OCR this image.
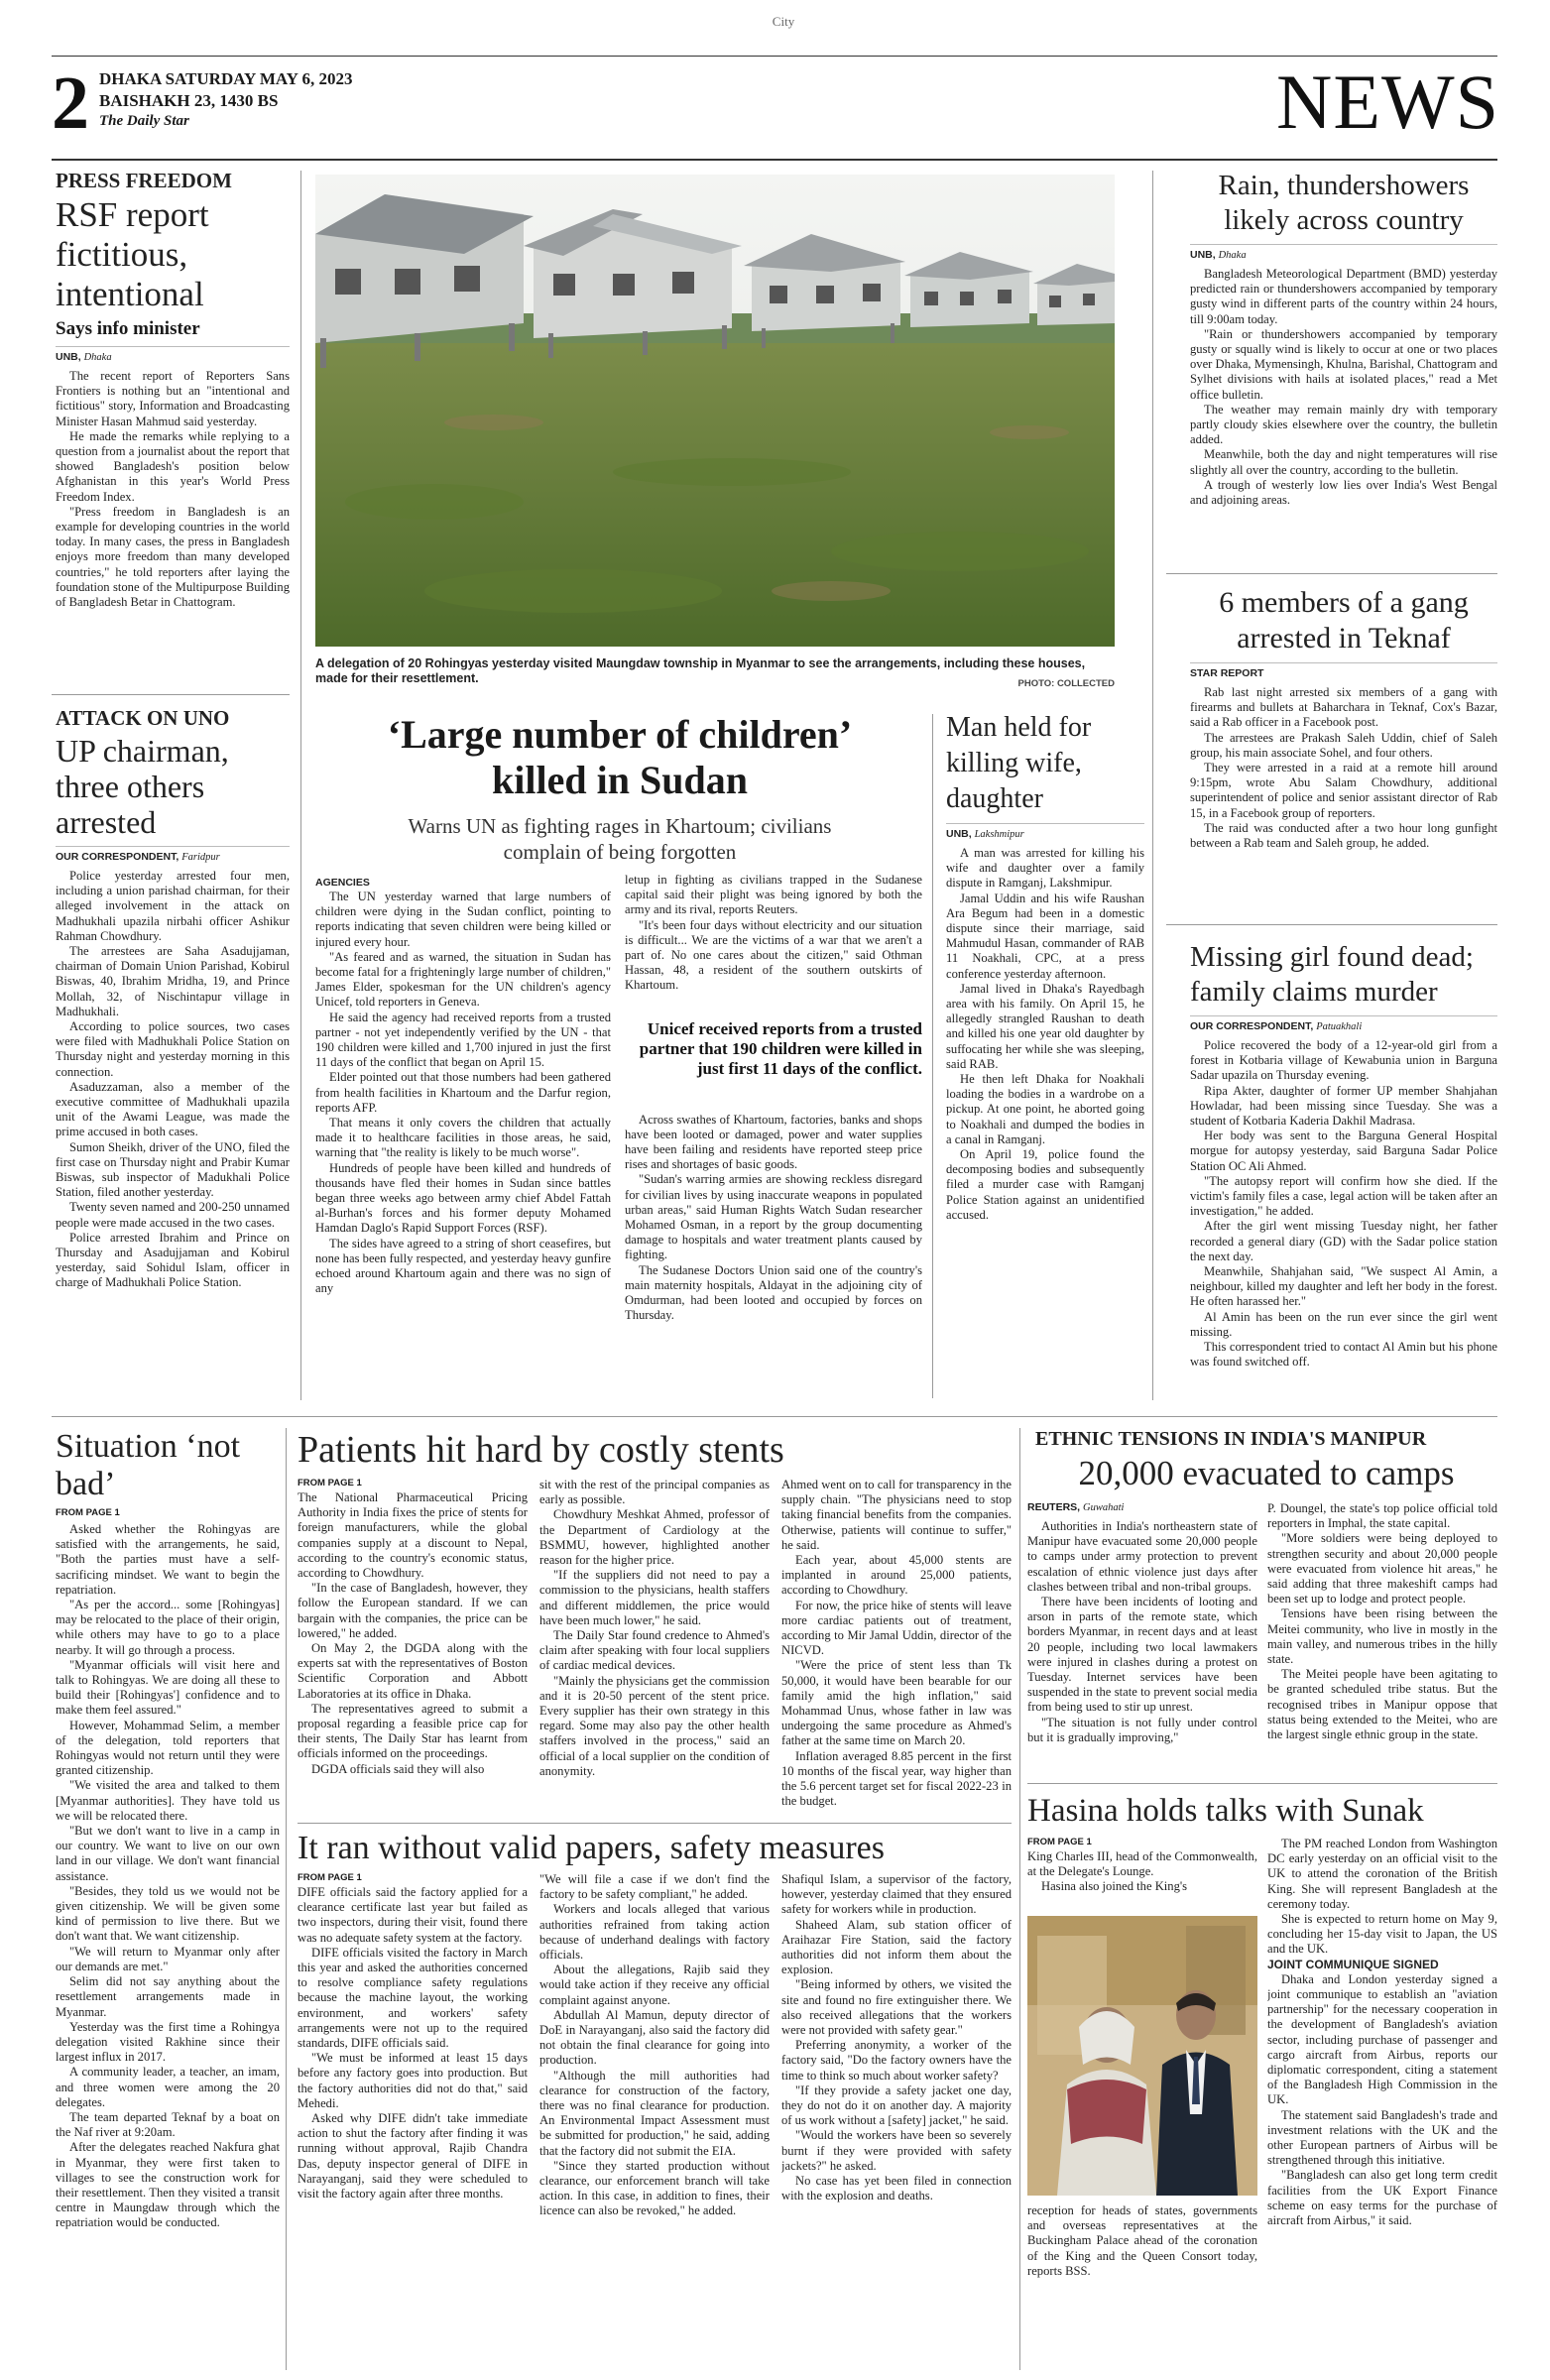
City
2 DHAKA SATURDAY MAY 6, 2023
BAISHAKH 23, 1430 BS
The Daily Star	NEWS
PRESS FREEDOM
RSF report fictitious, intentional
Says info minister
UNB, Dhaka

The recent report of Reporters Sans Frontiers is nothing but an "intentional and fictitious" story, Information and Broadcasting Minister Hasan Mahmud said yesterday.

He made the remarks while replying to a question from a journalist about the report that showed Bangladesh's position below Afghanistan in this year's World Press Freedom Index.

"Press freedom in Bangladesh is an example for developing countries in the world today. In many cases, the press in Bangladesh enjoys more freedom than many developed countries," he told reporters after laying the foundation stone of the Multipurpose Building of Bangladesh Betar in Chattogram.

ATTACK ON UNO
UP chairman, three others arrested
OUR CORRESPONDENT, Faridpur

Police yesterday arrested four men, including a union parishad chairman, for their alleged involvement in the attack on Madhukhali upazila nirbahi officer Ashikur Rahman Chowdhury.

The arrestees are Saha Asadujjaman, chairman of Domain Union Parishad, Kobirul Biswas, 40, Ibrahim Mridha, 19, and Prince Mollah, 32, of Nischintapur village in Madhukhali.

According to police sources, two cases were filed with Madhukhali Police Station on Thursday night and yesterday morning in this connection.

Asaduzzaman, also a member of the executive committee of Madhukhali upazila unit of the Awami League, was made the prime accused in both cases.

Sumon Sheikh, driver of the UNO, filed the first case on Thursday night and Prabir Kumar Biswas, sub inspector of Madukhali Police Station, filed another yesterday.

Twenty seven named and 200-250 unnamed people were made accused in the two cases.

Police arrested Ibrahim and Prince on Thursday and Asadujjaman and Kobirul yesterday, said Sohidul Islam, officer in charge of Madhukhali Police Station.

A delegation of 20 Rohingyas yesterday visited Maungdaw township in Myanmar to see the arrangements, including these houses, made for their resettlement.	PHOTO: COLLECTED
‘Large number of children’
killed in Sudan
Warns UN as fighting rages in Khartoum; civilians complain of being forgotten
AGENCIES

The UN yesterday warned that large numbers of children were dying in the Sudan conflict, pointing to reports indicating that seven children were being killed or injured every hour.

"As feared and as warned, the situation in Sudan has become fatal for a frighteningly large number of children," James Elder, spokesman for the UN children's agency Unicef, told reporters in Geneva.

He said the agency had received reports from a trusted partner - not yet independently verified by the UN - that 190 children were killed and 1,700 injured in just the first 11 days of the conflict that began on April 15.

Elder pointed out that those numbers had been gathered from health facilities in Khartoum and the Darfur region, reports AFP.

That means it only covers the children that actually made it to healthcare facilities in those areas, he said, warning that "the reality is likely to be much worse".

Hundreds of people have been killed and hundreds of thousands have fled their homes in Sudan since battles began three weeks ago between army chief Abdel Fattah al-Burhan's forces and his former deputy Mohamed Hamdan Daglo's Rapid Support Forces (RSF).

The sides have agreed to a string of short ceasefires, but none has been fully respected, and yesterday heavy gunfire echoed around Khartoum again and there was no sign of any

letup in fighting as civilians trapped in the Sudanese capital said their plight was being ignored by both the army and its rival, reports Reuters.

"It's been four days without electricity and our situation is difficult... We are the victims of a war that we aren't a part of. No one cares about the citizen," said Othman Hassan, 48, a resident of the southern outskirts of Khartoum.

Unicef received reports from a trusted partner that 190 children were killed in just first 11 days of the conflict.

Across swathes of Khartoum, factories, banks and shops have been looted or damaged, power and water supplies have been failing and residents have reported steep price rises and shortages of basic goods.

"Sudan's warring armies are showing reckless disregard for civilian lives by using inaccurate weapons in populated urban areas," said Human Rights Watch Sudan researcher Mohamed Osman, in a report by the group documenting damage to hospitals and water treatment plants caused by fighting.

The Sudanese Doctors Union said one of the country's main maternity hospitals, Aldayat in the adjoining city of Omdurman, had been looted and occupied by forces on Thursday.

Man held for killing wife, daughter
UNB, Lakshmipur

A man was arrested for killing his wife and daughter over a family dispute in Ramganj, Lakshmipur.

Jamal Uddin and his wife Raushan Ara Begum had been in a domestic dispute since their marriage, said Mahmudul Hasan, commander of RAB 11 Noakhali, CPC, at a press conference yesterday afternoon.

Jamal lived in Dhaka's Rayedbagh area with his family. On April 15, he allegedly strangled Raushan to death and killed his one year old daughter by suffocating her while she was sleeping, said RAB.

He then left Dhaka for Noakhali loading the bodies in a wardrobe on a pickup. At one point, he aborted going to Noakhali and dumped the bodies in a canal in Ramganj.

On April 19, police found the decomposing bodies and subsequently filed a murder case with Ramganj Police Station against an unidentified accused.

Rain, thundershowers likely across country
UNB, Dhaka

Bangladesh Meteorological Department (BMD) yesterday predicted rain or thundershowers accompanied by temporary gusty wind in different parts of the country within 24 hours, till 9:00am today.

"Rain or thundershowers accompanied by temporary gusty or squally wind is likely to occur at one or two places over Dhaka, Mymensingh, Khulna, Barishal, Chattogram and Sylhet divisions with hails at isolated places," read a Met office bulletin.

The weather may remain mainly dry with temporary partly cloudy skies elsewhere over the country, the bulletin added.

Meanwhile, both the day and night temperatures will rise slightly all over the country, according to the bulletin.

A trough of westerly low lies over India's West Bengal and adjoining areas.

6 members of a gang arrested in Teknaf
STAR REPORT

Rab last night arrested six members of a gang with firearms and bullets at Baharchara in Teknaf, Cox's Bazar, said a Rab officer in a Facebook post.

The arrestees are Prakash Saleh Uddin, chief of Saleh group, his main associate Sohel, and four others.

They were arrested in a raid at a remote hill around 9:15pm, wrote Abu Salam Chowdhury, additional superintendent of police and senior assistant director of Rab 15, in a Facebook group of reporters.

The raid was conducted after a two hour long gunfight between a Rab team and Saleh group, he added.

Missing girl found dead; family claims murder
OUR CORRESPONDENT, Patuakhali

Police recovered the body of a 12-year-old girl from a forest in Kotbaria village of Kewabunia union in Barguna Sadar upazila on Thursday evening.

Ripa Akter, daughter of former UP member Shahjahan Howladar, had been missing since Tuesday. She was a student of Kotbaria Kaderia Dakhil Madrasa.

Her body was sent to the Barguna General Hospital morgue for autopsy yesterday, said Barguna Sadar Police Station OC Ali Ahmed.

"The autopsy report will confirm how she died. If the victim's family files a case, legal action will be taken after an investigation," he added.

After the girl went missing Tuesday night, her father recorded a general diary (GD) with the Sadar police station the next day.

Meanwhile, Shahjahan said, "We suspect Al Amin, a neighbour, killed my daughter and left her body in the forest. He often harassed her."

Al Amin has been on the run ever since the girl went missing.

This correspondent tried to contact Al Amin but his phone was found switched off.

Situation ‘not bad’
FROM PAGE 1

Asked whether the Rohingyas are satisfied with the arrangements, he said, "Both the parties must have a self-sacrificing mindset. We want to begin the repatriation.

"As per the accord... some [Rohingyas] may be relocated to the place of their origin, while others may have to go to a place nearby. It will go through a process.

"Myanmar officials will visit here and talk to Rohingyas. We are doing all these to build their [Rohingyas'] confidence and to make them feel assured."

However, Mohammad Selim, a member of the delegation, told reporters that Rohingyas would not return until they were granted citizenship.

"We visited the area and talked to them [Myanmar authorities]. They have told us we will be relocated there.

"But we don't want to live in a camp in our country. We want to live on our own land in our village. We don't want financial assistance.

"Besides, they told us we would not be given citizenship. We will be given some kind of permission to live there. But we don't want that. We want citizenship.

"We will return to Myanmar only after our demands are met."

Selim did not say anything about the resettlement arrangements made in Myanmar.

Yesterday was the first time a Rohingya delegation visited Rakhine since their largest influx in 2017.

A community leader, a teacher, an imam, and three women were among the 20 delegates.

The team departed Teknaf by a boat on the Naf river at 9:20am.

After the delegates reached Nakfura ghat in Myanmar, they were first taken to villages to see the construction work for their resettlement. Then they visited a transit centre in Maungdaw through which the repatriation would be conducted.

Patients hit hard by costly stents
FROM PAGE 1

The National Pharmaceutical Pricing Authority in India fixes the price of stents for foreign manufacturers, while the global companies supply at a discount to Nepal, according to the country's economic status, according to Chowdhury.

"In the case of Bangladesh, however, they follow the European standard. If we can bargain with the companies, the price can be lowered," he added.

On May 2, the DGDA along with the experts sat with the representatives of Boston Scientific Corporation and Abbott Laboratories at its office in Dhaka.

The representatives agreed to submit a proposal regarding a feasible price cap for their stents, The Daily Star has learnt from officials informed on the proceedings.

DGDA officials said they will also

sit with the rest of the principal companies as early as possible.

Chowdhury Meshkat Ahmed, professor of the Department of Cardiology at the BSMMU, however, highlighted another reason for the higher price.

"If the suppliers did not need to pay a commission to the physicians, health staffers and different middlemen, the price would have been much lower," he said.

The Daily Star found credence to Ahmed's claim after speaking with four local suppliers of cardiac medical devices.

"Mainly the physicians get the commission and it is 20-50 percent of the stent price. Every supplier has their own strategy in this regard. Some may also pay the other health staffers involved in the process," said an official of a local supplier on the condition of anonymity.

Ahmed went on to call for transparency in the supply chain. "The physicians need to stop taking financial benefits from the companies. Otherwise, patients will continue to suffer," he said.

Each year, about 45,000 stents are implanted in around 25,000 patients, according to Chowdhury.

For now, the price hike of stents will leave more cardiac patients out of treatment, according to Mir Jamal Uddin, director of the NICVD.

"Were the price of stent less than Tk 50,000, it would have been bearable for our family amid the high inflation," said Mohammad Unus, whose father in law was undergoing the same procedure as Ahmed's father at the same time on March 20.

Inflation averaged 8.85 percent in the first 10 months of the fiscal year, way higher than the 5.6 percent target set for fiscal 2022-23 in the budget.

It ran without valid papers, safety measures
FROM PAGE 1

DIFE officials said the factory applied for a clearance certificate last year but failed as two inspectors, during their visit, found there was no adequate safety system at the factory.

DIFE officials visited the factory in March this year and asked the authorities concerned to resolve compliance safety regulations because the machine layout, the working environment, and workers' safety arrangements were not up to the required standards, DIFE officials said.

"We must be informed at least 15 days before any factory goes into production. But the factory authorities did not do that," said Mehedi.

Asked why DIFE didn't take immediate action to shut the factory after finding it was running without approval, Rajib Chandra Das, deputy inspector general of DIFE in Narayanganj, said they were scheduled to visit the factory again after three months.

"We will file a case if we don't find the factory to be safety compliant," he added.

Workers and locals alleged that various authorities refrained from taking action because of underhand dealings with factory officials.

About the allegations, Rajib said they would take action if they receive any official complaint against anyone.

Abdullah Al Mamun, deputy director of DoE in Narayanganj, also said the factory did not obtain the final clearance for going into production.

"Although the mill authorities had clearance for construction of the factory, there was no final clearance for production. An Environmental Impact Assessment must be submitted for production," he said, adding that the factory did not submit the EIA.

"Since they started production without clearance, our enforcement branch will take action. In this case, in addition to fines, their licence can also be revoked," he added.

Shafiqul Islam, a supervisor of the factory, however, yesterday claimed that they ensured safety for workers while in production.

Shaheed Alam, sub station officer of Araihazar Fire Station, said the factory authorities did not inform them about the explosion.

"Being informed by others, we visited the site and found no fire extinguisher there. We also received allegations that the workers were not provided with safety gear."

Preferring anonymity, a worker of the factory said, "Do the factory owners have the time to think so much about worker safety?

"If they provide a safety jacket one day, they do not do it on another day. A majority of us work without a [safety] jacket," he said.

"Would the workers have been so severely burnt if they were provided with safety jackets?" he asked.

No case has yet been filed in connection with the explosion and deaths.

ETHNIC TENSIONS IN INDIA'S MANIPUR
20,000 evacuated to camps
REUTERS, Guwahati

Authorities in India's northeastern state of Manipur have evacuated some 20,000 people to camps under army protection to prevent escalation of ethnic violence just days after clashes between tribal and non-tribal groups.

There have been incidents of looting and arson in parts of the remote state, which borders Myanmar, in recent days and at least 20 people, including two local lawmakers were injured in clashes during a protest on Tuesday. Internet services have been suspended in the state to prevent social media from being used to stir up unrest.

"The situation is not fully under control but it is gradually improving,"

P. Doungel, the state's top police official told reporters in Imphal, the state capital.

"More soldiers were being deployed to strengthen security and about 20,000 people were evacuated from violence hit areas," he said adding that three makeshift camps had been set up to lodge and protect people.

Tensions have been rising between the Meitei community, who live in mostly in the main valley, and numerous tribes in the hilly state.

The Meitei people have been agitating to be granted scheduled tribe status. But the recognised tribes in Manipur oppose that status being extended to the Meitei, who are the largest single ethnic group in the state.

Hasina holds talks with Sunak
FROM PAGE 1

King Charles III, head of the Commonwealth, at the Delegate's Lounge.

Hasina also joined the King's

reception for heads of states, governments and overseas representatives at the Buckingham Palace ahead of the coronation of the King and the Queen Consort today, reports BSS.

The PM reached London from Washington DC early yesterday on an official visit to the UK to attend the coronation of the British King. She will represent Bangladesh at the ceremony today.

She is expected to return home on May 9, concluding her 15-day visit to Japan, the US and the UK.

JOINT COMMUNIQUE SIGNED

Dhaka and London yesterday signed a joint communique to establish an "aviation partnership" for the necessary cooperation in the development of Bangladesh's aviation sector, including purchase of passenger and cargo aircraft from Airbus, reports our diplomatic correspondent, citing a statement of the Bangladesh High Commission in the UK.

The statement said Bangladesh's trade and investment relations with the UK and the other European partners of Airbus will be strengthened through this initiative.

"Bangladesh can also get long term credit facilities from the UK Export Finance scheme on easy terms for the purchase of aircraft from Airbus," it said.
